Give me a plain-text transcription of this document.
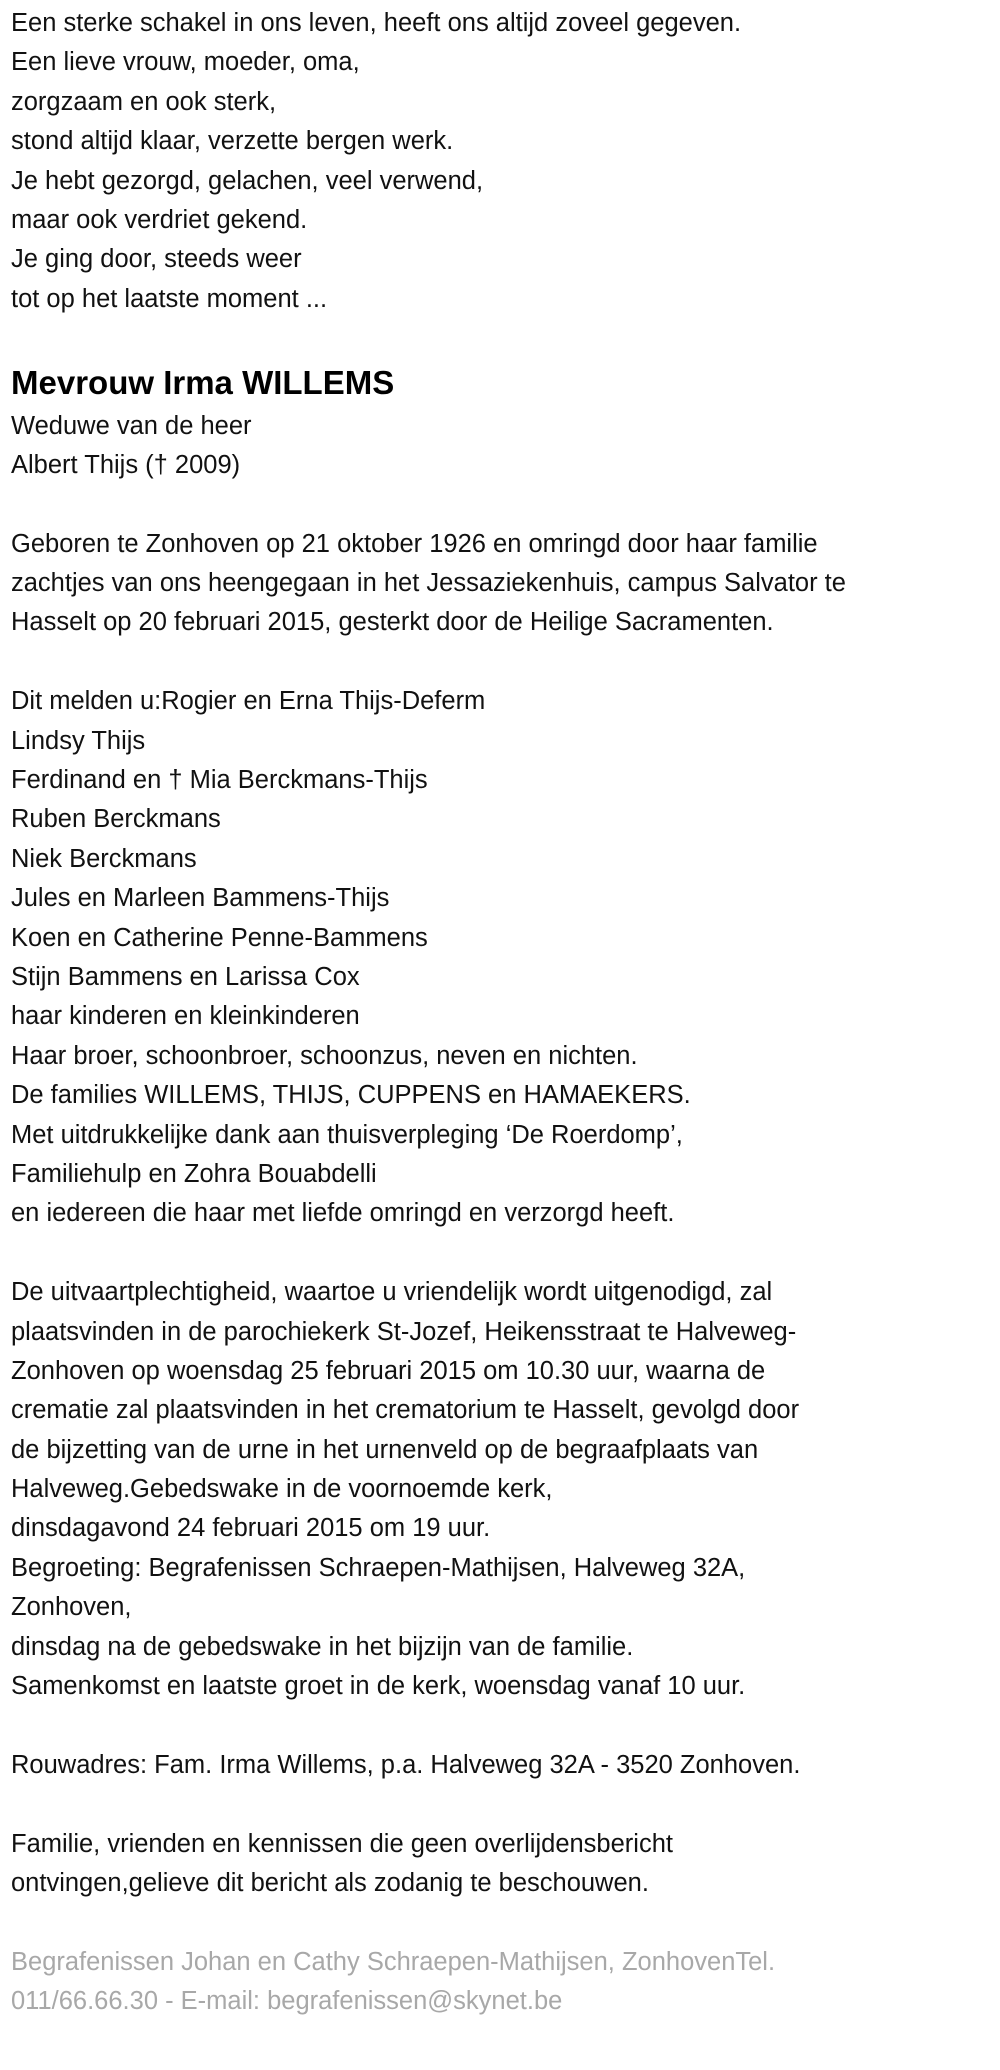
Een sterke schakel in ons leven, heeft ons altijd zoveel gegeven.
Een lieve vrouw, moeder, oma,
zorgzaam en ook sterk,
stond altijd klaar, verzette bergen werk.
Je hebt gezorgd, gelachen, veel verwend,
maar ook verdriet gekend.
Je ging door, steeds weer
tot op het laatste moment ...
Mevrouw Irma WILLEMS
Weduwe van de heer
Albert Thijs († 2009)
Geboren te Zonhoven op 21 oktober 1926 en omringd door haar familie
zachtjes van ons heengegaan in het Jessaziekenhuis, campus Salvator te
Hasselt op 20 februari 2015, gesterkt door de Heilige Sacramenten.
Dit melden u:Rogier en Erna Thijs-Deferm
Lindsy Thijs
Ferdinand en † Mia Berckmans-Thijs
Ruben Berckmans
Niek Berckmans
Jules en Marleen Bammens-Thijs
Koen en Catherine Penne-Bammens
Stijn Bammens en Larissa Cox
haar kinderen en kleinkinderen
Haar broer, schoonbroer, schoonzus, neven en nichten.
De families WILLEMS, THIJS, CUPPENS en HAMAEKERS.
Met uitdrukkelijke dank aan thuisverpleging ‘De Roerdomp’,
Familiehulp en Zohra Bouabdelli
en iedereen die haar met liefde omringd en verzorgd heeft.
De uitvaartplechtigheid, waartoe u vriendelijk wordt uitgenodigd, zal
plaatsvinden in de parochiekerk St-Jozef, Heikensstraat te Halveweg-
Zonhoven op woensdag 25 februari 2015 om 10.30 uur, waarna de
crematie zal plaatsvinden in het crematorium te Hasselt, gevolgd door
de bijzetting van de urne in het urnenveld op de begraafplaats van
Halveweg.Gebedswake in de voornoemde kerk,
dinsdagavond 24 februari 2015 om 19 uur.
Begroeting: Begrafenissen Schraepen-Mathijsen, Halveweg 32A,
Zonhoven,
dinsdag na de gebedswake in het bijzijn van de familie.
Samenkomst en laatste groet in de kerk, woensdag vanaf 10 uur.
Rouwadres: Fam. Irma Willems, p.a. Halveweg 32A - 3520 Zonhoven.
Familie, vrienden en kennissen die geen overlijdensbericht
ontvingen,gelieve dit bericht als zodanig te beschouwen.
Begrafenissen Johan en Cathy Schraepen-Mathijsen, ZonhovenTel.
011/66.66.30 - E-mail: begrafenissen@skynet.be
